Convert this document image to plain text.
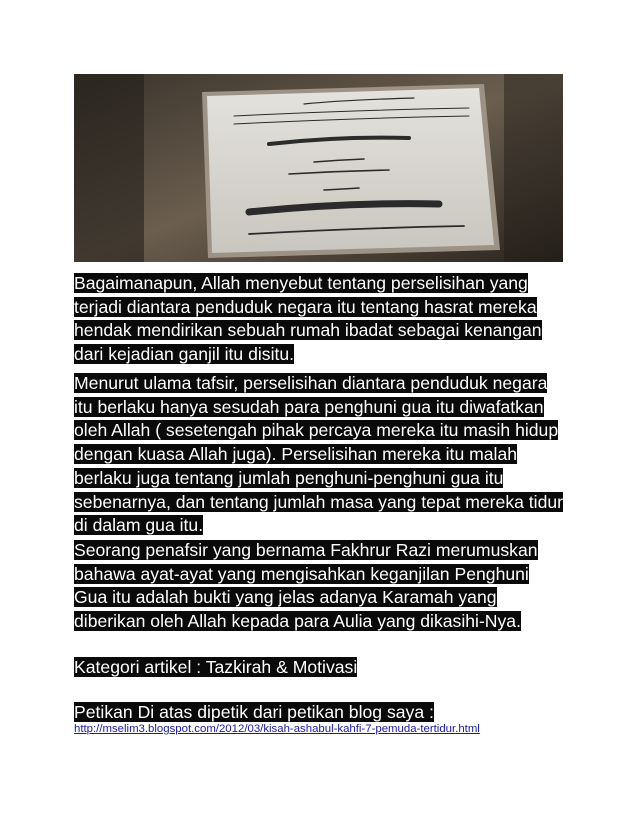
Bagaimanapun, Allah menyebut tentang perselisihan yang terjadi diantara penduduk negara itu tentang hasrat mereka hendak mendirikan sebuah rumah ibadat sebagai kenangan dari kejadian ganjil itu disitu.
Menurut ulama tafsir, perselisihan diantara penduduk negara itu berlaku hanya sesudah para penghuni gua itu diwafatkan oleh Allah ( sesetengah pihak percaya mereka itu masih hidup dengan kuasa Allah juga). Perselisihan mereka itu malah berlaku juga tentang jumlah penghuni-penghuni gua itu sebenarnya, dan tentang jumlah masa yang tepat mereka tidur di dalam gua itu.
Seorang penafsir yang bernama Fakhrur Razi merumuskan bahawa ayat-ayat yang mengisahkan keganjilan Penghuni Gua itu adalah bukti yang jelas adanya Karamah yang diberikan oleh Allah kepada para Aulia yang dikasihi-Nya.
Kategori artikel : Tazkirah & Motivasi
Petikan Di atas dipetik dari petikan blog saya :
http://mselim3.blogspot.com/2012/03/kisah-ashabul-kahfi-7-pemuda-tertidur.html
